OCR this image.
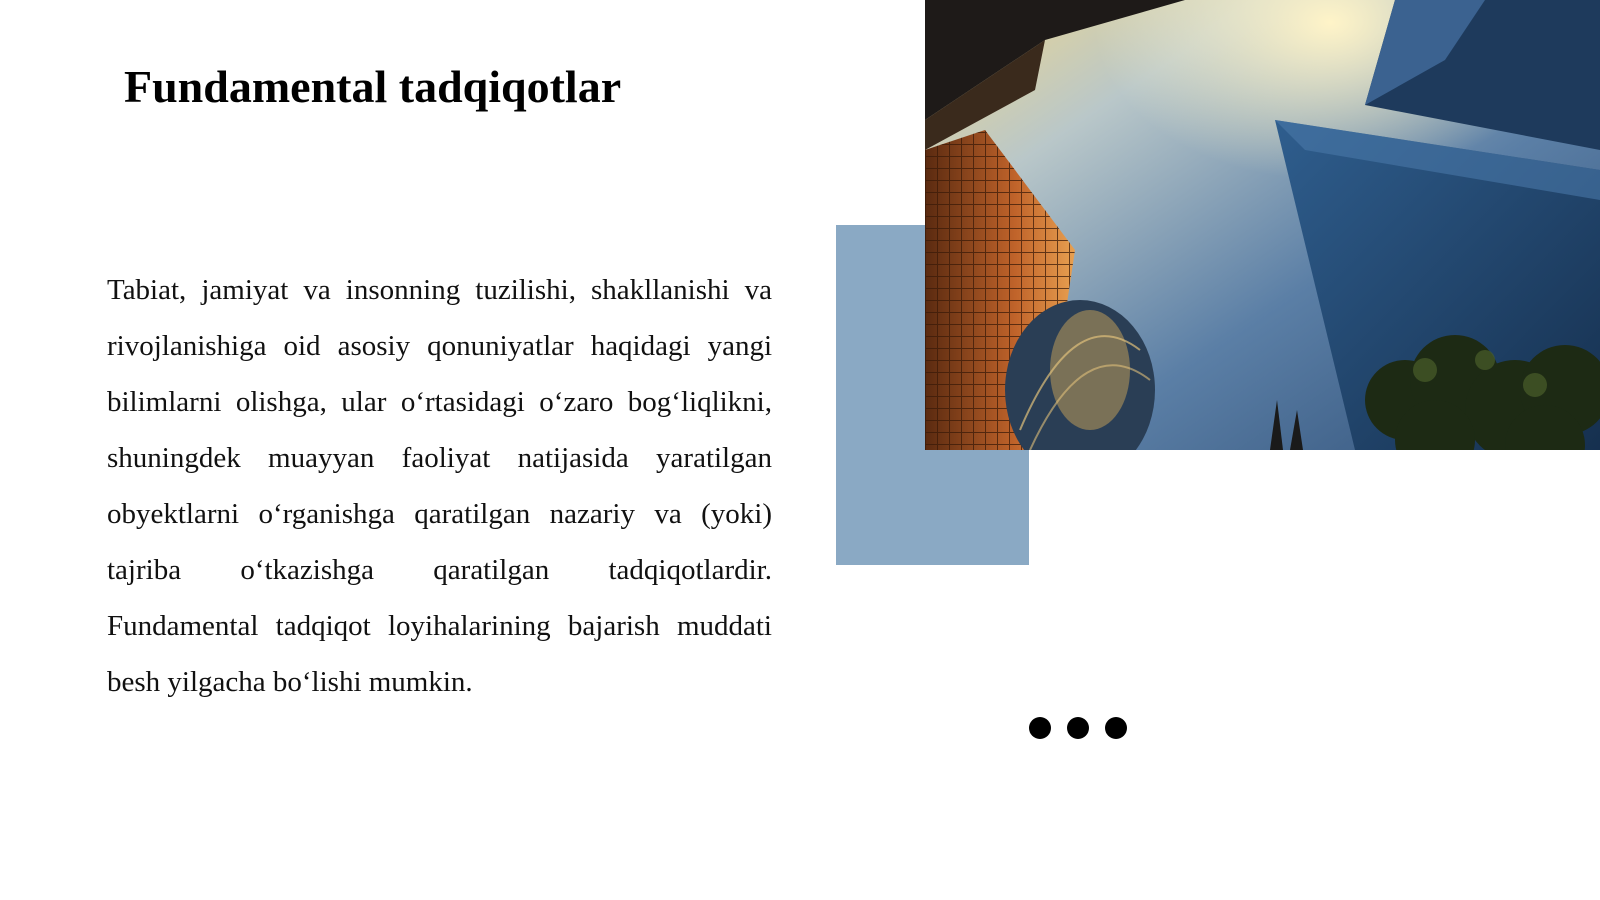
Fundamental tadqiqotlar

Tabiat, jamiyat va insonning tuzilishi, shakllanishi va rivojlanishiga oid asosiy qonuniyatlar haqidagi yangi bilimlarni olishga, ular o‘rtasidagi o‘zaro bog‘liqlikni, shuningdek muayyan faoliyat natijasida yaratilgan obyektlarni o‘rganishga qaratilgan nazariy va (yoki) tajriba o‘tkazishga qaratilgan tadqiqotlardir. Fundamental tadqiqot loyihalarining bajarish muddati besh yilgacha bo‘lishi mumkin.
